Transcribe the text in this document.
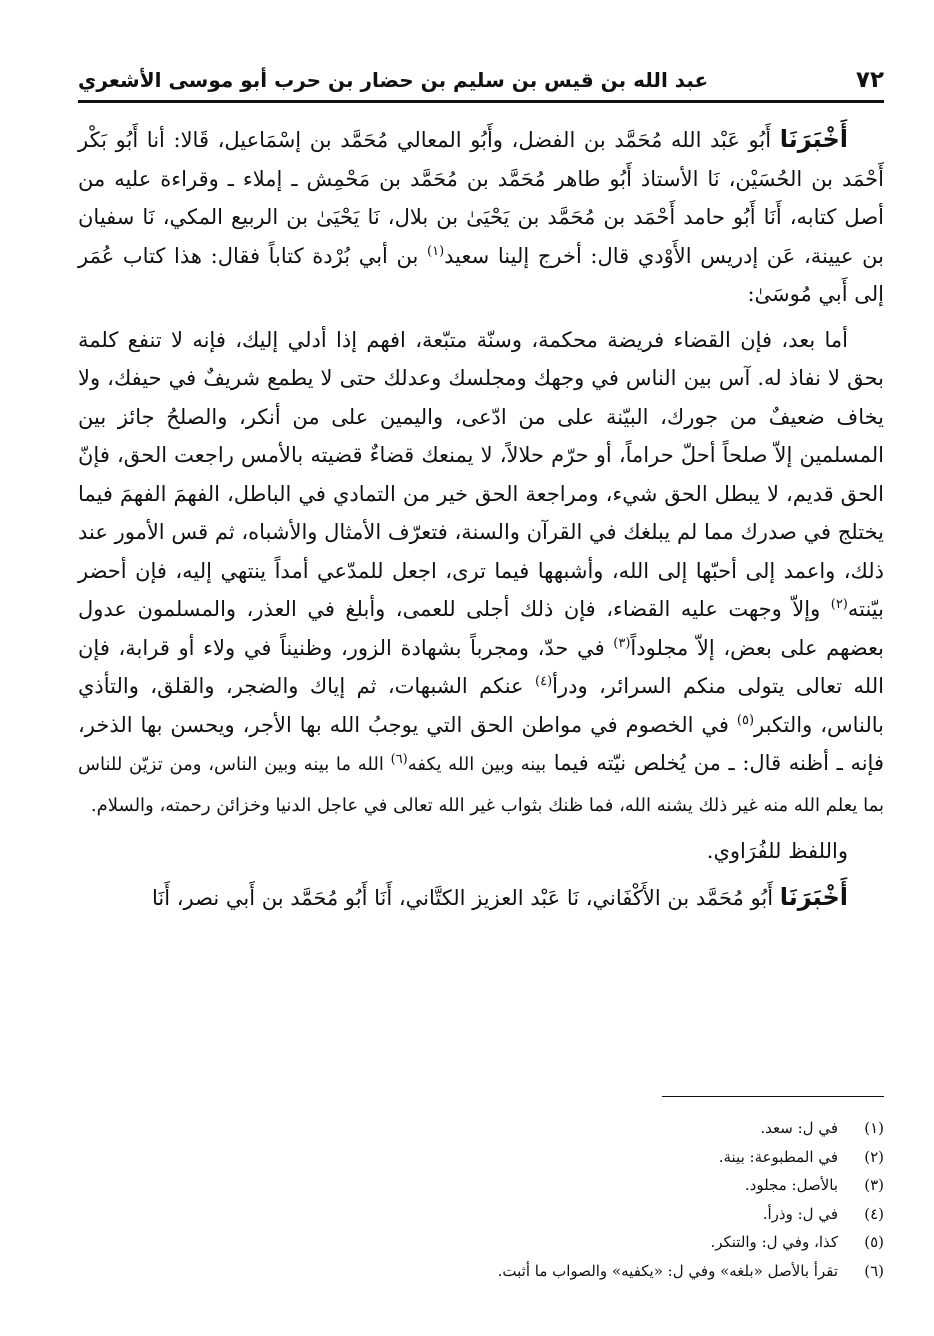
٧٢
عبد الله بن قيس بن سليم بن حضار بن حرب أبو موسى الأشعري

أَخْبَرَنَا أَبُو عَبْد الله مُحَمَّد بن الفضل، وأَبُو المعالي مُحَمَّد بن إسْمَاعيل، قَالا: أنا أَبُو بَكْر أَحْمَد بن الحُسَيْن، نَا الأستاذ أَبُو طاهر مُحَمَّد بن مُحَمَّد بن مَحْمِش ـ إملاء ـ وقراءة عليه من أصل كتابه، أَنَا أَبُو حامد أَحْمَد بن مُحَمَّد بن يَحْيَىٰ بن بلال، نَا يَحْيَىٰ بن الربيع المكي، نَا سفيان بن عيينة، عَن إدريس الأَوْدي قال: أخرج إلينا سعيد$^{(١)}$ بن أبي بُرْدة كتاباً فقال: هذا كتاب عُمَر إلى أَبي مُوسَىٰ:

أما بعد، فإن القضاء فريضة محكمة، وسنّة متبّعة، افهم إذا أدلي إليك، فإنه لا تنفع كلمة بحق لا نفاذ له. آس بين الناس في وجهك ومجلسك وعدلك حتى لا يطمع شريفٌ في حيفك، ولا يخاف ضعيفٌ من جورك، البيّنة على من ادّعى، واليمين على من أنكر، والصلحُ جائز بين المسلمين إلاّ صلحاً أحلّ حراماً، أو حرّم حلالاً، لا يمنعك قضاءٌ قضيته بالأمس راجعت الحق، فإنّ الحق قديم، لا يبطل الحق شيء، ومراجعة الحق خير من التمادي في الباطل، الفهمَ الفهمَ فيما يختلج في صدرك مما لم يبلغك في القرآن والسنة، فتعرّف الأمثال والأشباه، ثم قس الأمور عند ذلك، واعمد إلى أحبّها إلى الله، وأشبهها فيما ترى، اجعل للمدّعي أمداً ينتهي إليه، فإن أحضر بيّنته$^{(٢)}$ وإلاّ وجهت عليه القضاء، فإن ذلك أجلى للعمى، وأبلغ في العذر، والمسلمون عدول بعضهم على بعض، إلاّ مجلوداً$^{(٣)}$ في حدّ، ومجرباً بشهادة الزور، وظنيناً في ولاء أو قرابة، فإن الله تعالى يتولى منكم السرائر، ودرأ$^{(٤)}$ عنكم الشبهات، ثم إياك والضجر، والقلق، والتأذي بالناس، والتكبر$^{(٥)}$ في الخصوم في مواطن الحق التي يوجبُ الله بها الأجر، ويحسن بها الذخر، فإنه ـ أظنه قال: ـ من يُخلص نيّته فيما بينه وبين الله يكفه$^{(٦)}$ الله ما بينه وبين الناس، ومن تزيّن للناس بما يعلم الله منه غير ذلك يشنه الله، فما ظنك بثواب غير الله تعالى في عاجل الدنيا وخزائن رحمته، والسلام.

واللفظ للفُرَاوي.

أَخْبَرَنَا أَبُو مُحَمَّد بن الأَكْفَاني، نَا عَبْد العزيز الكتَّاني، أَنَا أَبُو مُحَمَّد بن أَبي نصر، أَنَا

(١)
في ل: سعد.
(٢)
في المطبوعة: بينة.
(٣)
بالأصل: مجلود.
(٤)
في ل: وذرأ.
(٥)
كذا، وفي ل: والتنكر.
(٦)
تقرأ بالأصل «بلغه» وفي ل: «يكفيه» والصواب ما أثبت.
